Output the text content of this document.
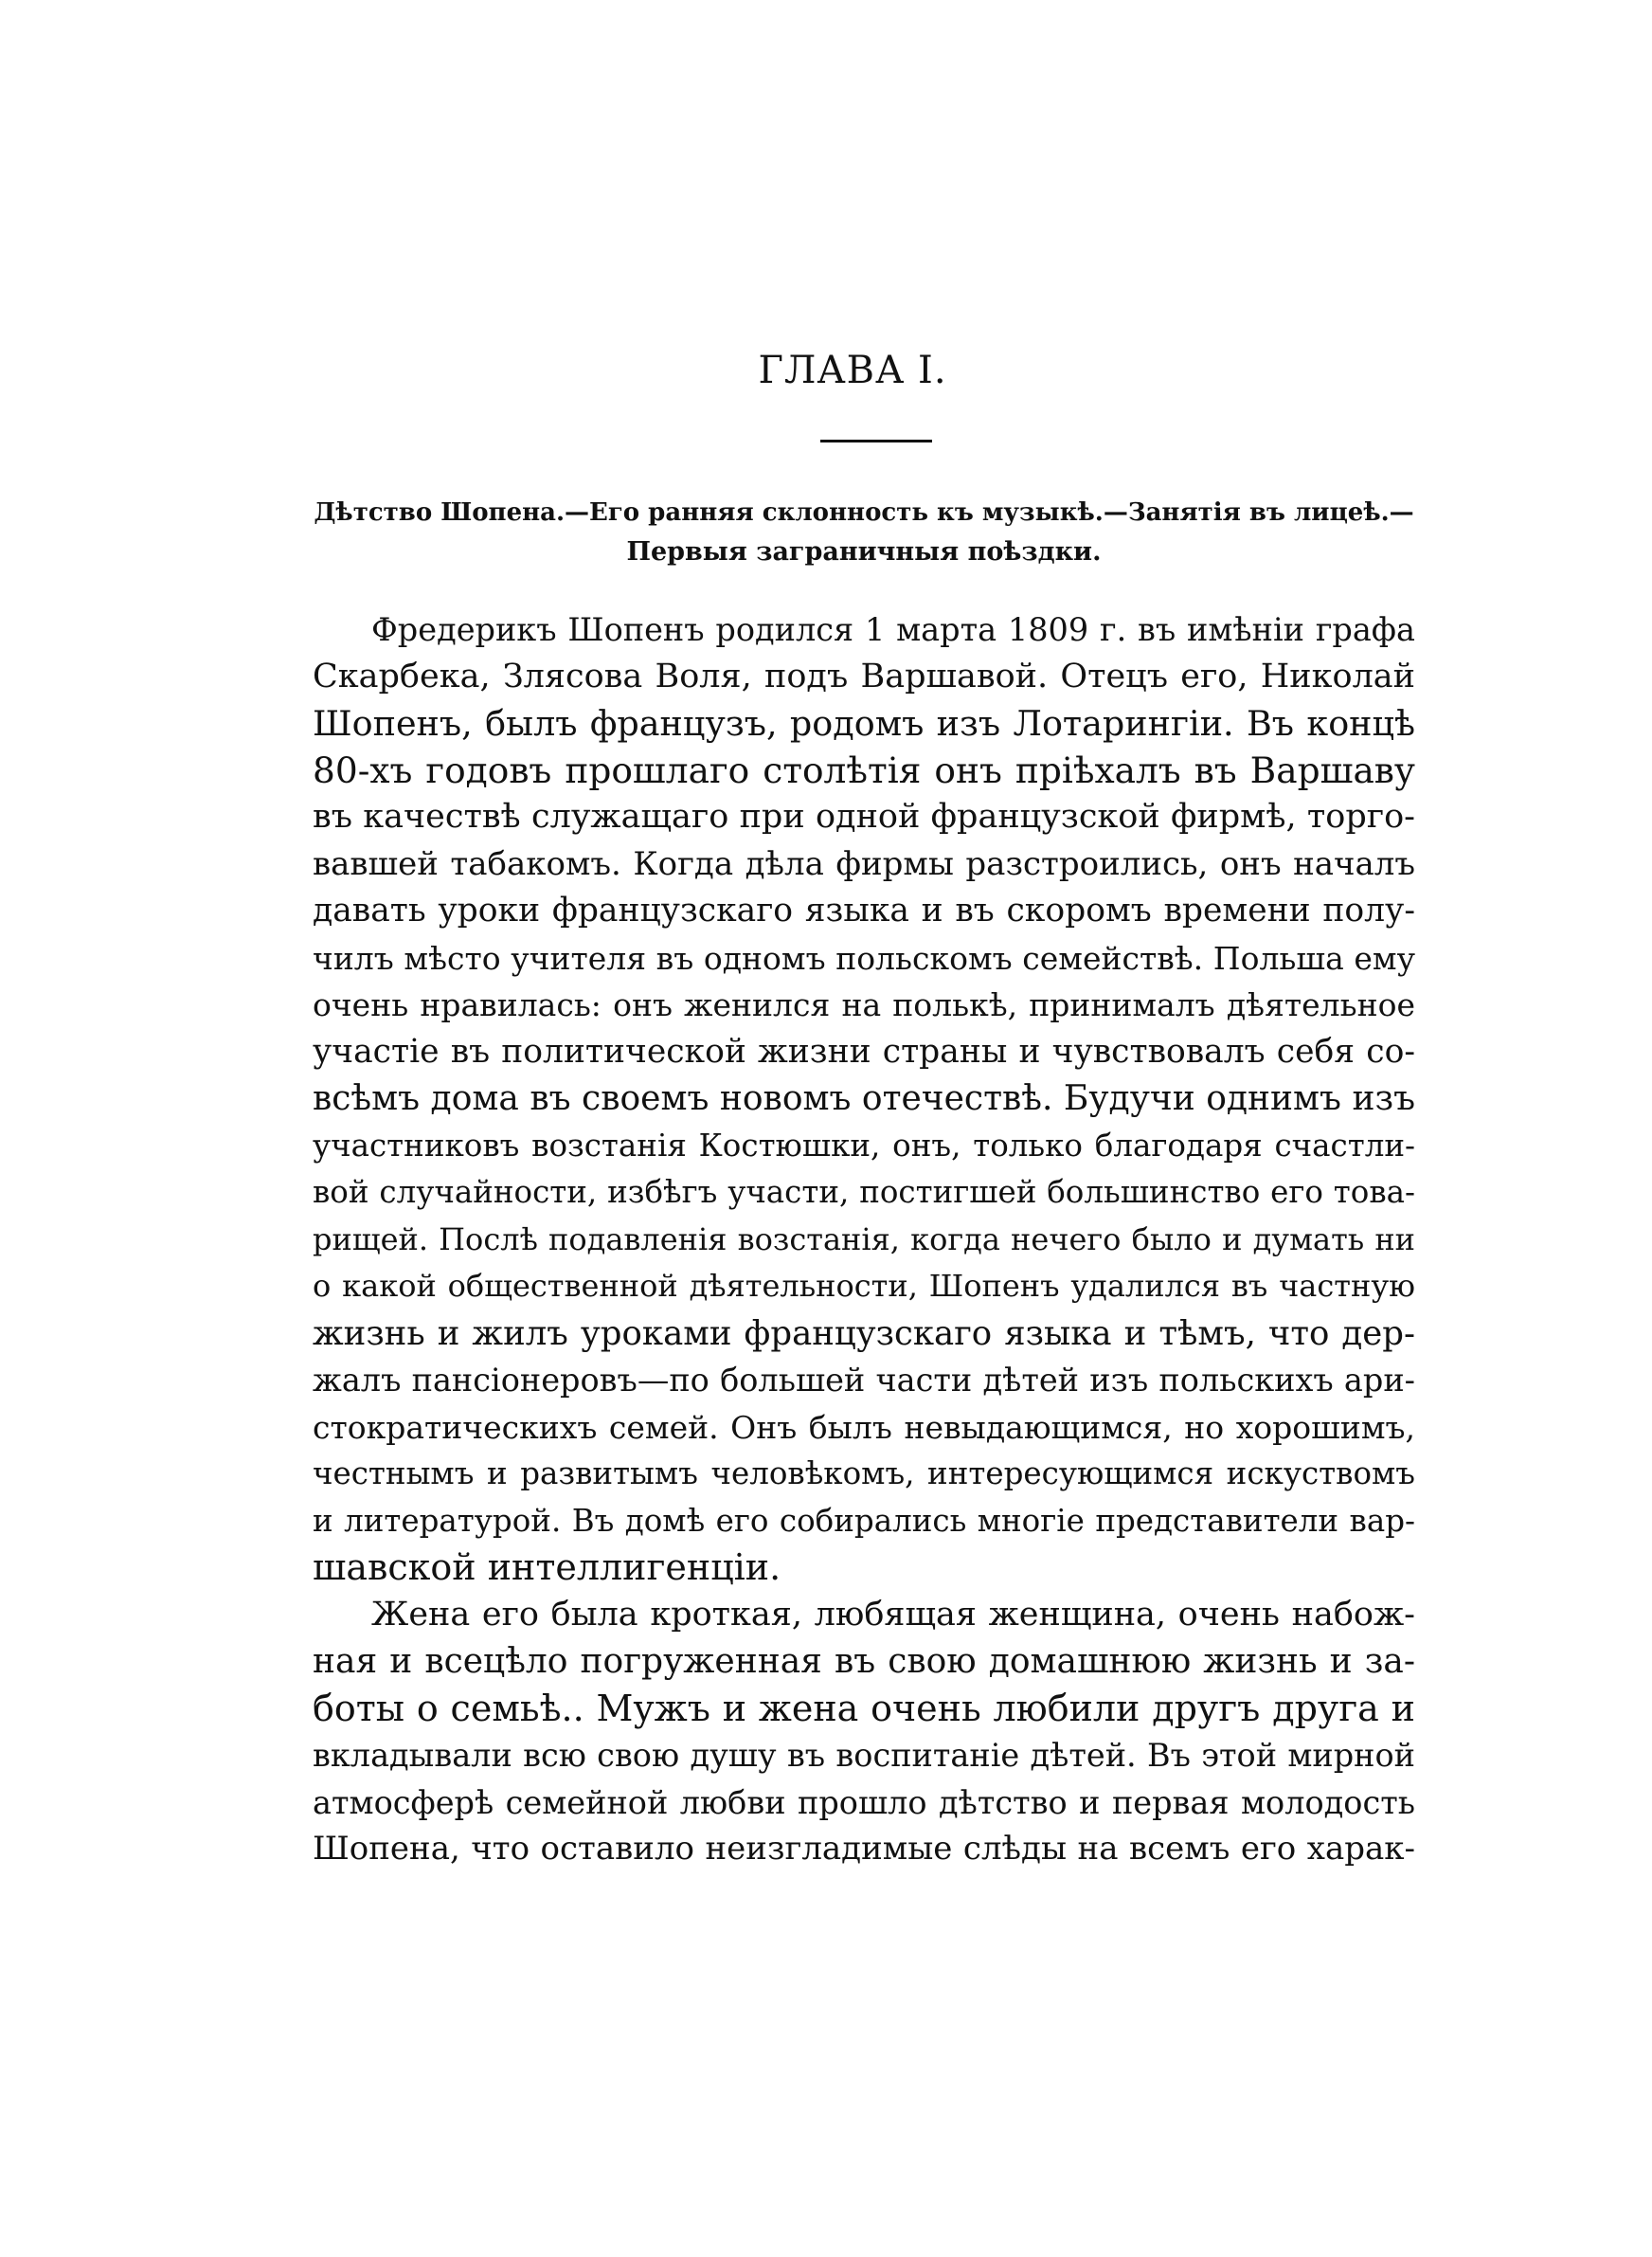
ГЛАВА I.
Дѣтство Шопена.—Его ранняя склонность къ музыкѣ.—Занятія въ лицеѣ.—
Первыя заграничныя поѣздки.
Фредерикъ Шопенъ родился 1 марта 1809 г. въ имѣніи графа
Скарбека, Злясова Воля, подъ Варшавой. Отецъ его, Николай
Шопенъ, былъ французъ, родомъ изъ Лотарингіи. Въ концѣ
80-хъ годовъ прошлаго столѣтія онъ пріѣхалъ въ Варшаву
въ качествѣ служащаго при одной французской фирмѣ, торго-
вавшей табакомъ. Когда дѣла фирмы разстроились, онъ началъ
давать уроки французскаго языка и въ скоромъ времени полу-
чилъ мѣсто учителя въ одномъ польскомъ семействѣ. Польша ему
очень нравилась: онъ женился на полькѣ, принималъ дѣятельное
участіе въ политической жизни страны и чувствовалъ себя со-
всѣмъ дома въ своемъ новомъ отечествѣ. Будучи однимъ изъ
участниковъ возстанія Костюшки, онъ, только благодаря счастли-
вой случайности, избѣгъ участи, постигшей большинство его това-
рищей. Послѣ подавленія возстанія, когда нечего было и думать ни
о какой общественной дѣятельности, Шопенъ удалился въ частную
жизнь и жилъ уроками французскаго языка и тѣмъ, что дер-
жалъ пансіонеровъ—по большей части дѣтей изъ польскихъ ари-
стократическихъ семей. Онъ былъ невыдающимся, но хорошимъ,
честнымъ и развитымъ человѣкомъ, интересующимся искуствомъ
и литературой. Въ домѣ его собирались многіе представители вар-
шавской интеллигенціи.
Жена его была кроткая, любящая женщина, очень набож-
ная и всецѣло погруженная въ свою домашнюю жизнь и за-
боты о семьѣ.. Мужъ и жена очень любили другъ друга и
вкладывали всю свою душу въ воспитаніе дѣтей. Въ этой мирной
атмосферѣ семейной любви прошло дѣтство и первая молодость
Шопена, что оставило неизгладимые слѣды на всемъ его харак-
